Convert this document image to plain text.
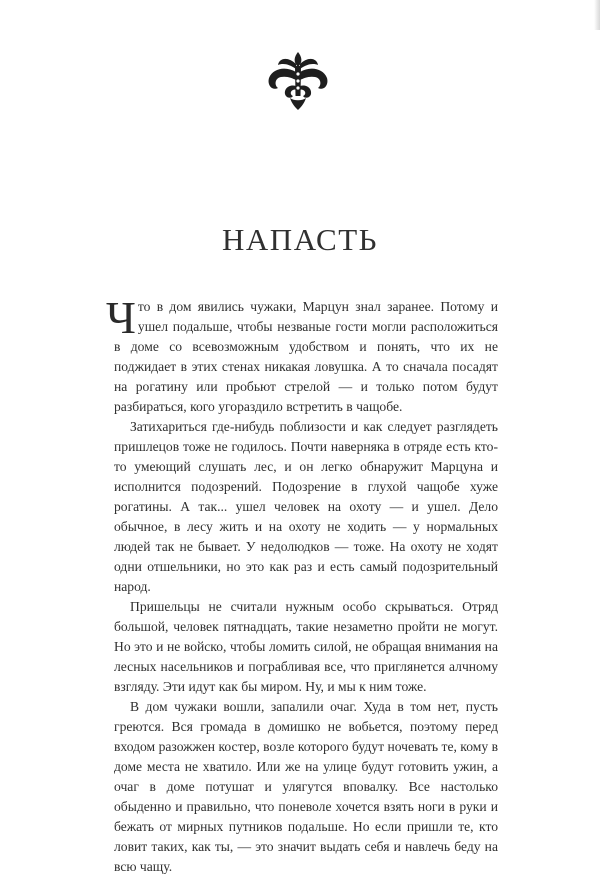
НАПАСТЬ

Что в дом явились чужаки, Марцун знал заранее. Потому и ушел подальше, чтобы незваные гости могли расположиться в доме со всевозможным удобством и понять, что их не поджидает в этих стенах никакая ловушка. А то сначала посадят на рогатину или пробьют стрелой — и только потом будут разбираться, кого угораздило встретить в чащобе.

Затихариться где-нибудь поблизости и как следует разглядеть пришлецов тоже не годилось. Почти наверняка в отряде есть кто-то умеющий слушать лес, и он легко обнаружит Марцуна и исполнится подозрений. Подозрение в глухой чащобе хуже рогатины. А так... ушел человек на охоту — и ушел. Дело обычное, в лесу жить и на охоту не ходить — у нормальных людей так не бывает. У недолюдков — тоже. На охоту не ходят одни отшельники, но это как раз и есть самый подозрительный народ.

Пришельцы не считали нужным особо скрываться. Отряд большой, человек пятнадцать, такие незаметно пройти не могут. Но это и не войско, чтобы ломить силой, не обращая внимания на лесных насельников и пограбливая все, что приглянется алчному взгляду. Эти идут как бы миром. Ну, и мы к ним тоже.

В дом чужаки вошли, запалили очаг. Худа в том нет, пусть греются. Вся громада в домишко не вобьется, поэтому перед входом разожжен костер, возле которого будут ночевать те, кому в доме места не хватило. Или же на улице будут готовить ужин, а очаг в доме потушат и улягутся вповалку. Все настолько обыденно и правильно, что поневоле хочется взять ноги в руки и бежать от мирных путников подальше. Но если пришли те, кто ловит таких, как ты, — это значит выдать себя и навлечь беду на всю чащу.
